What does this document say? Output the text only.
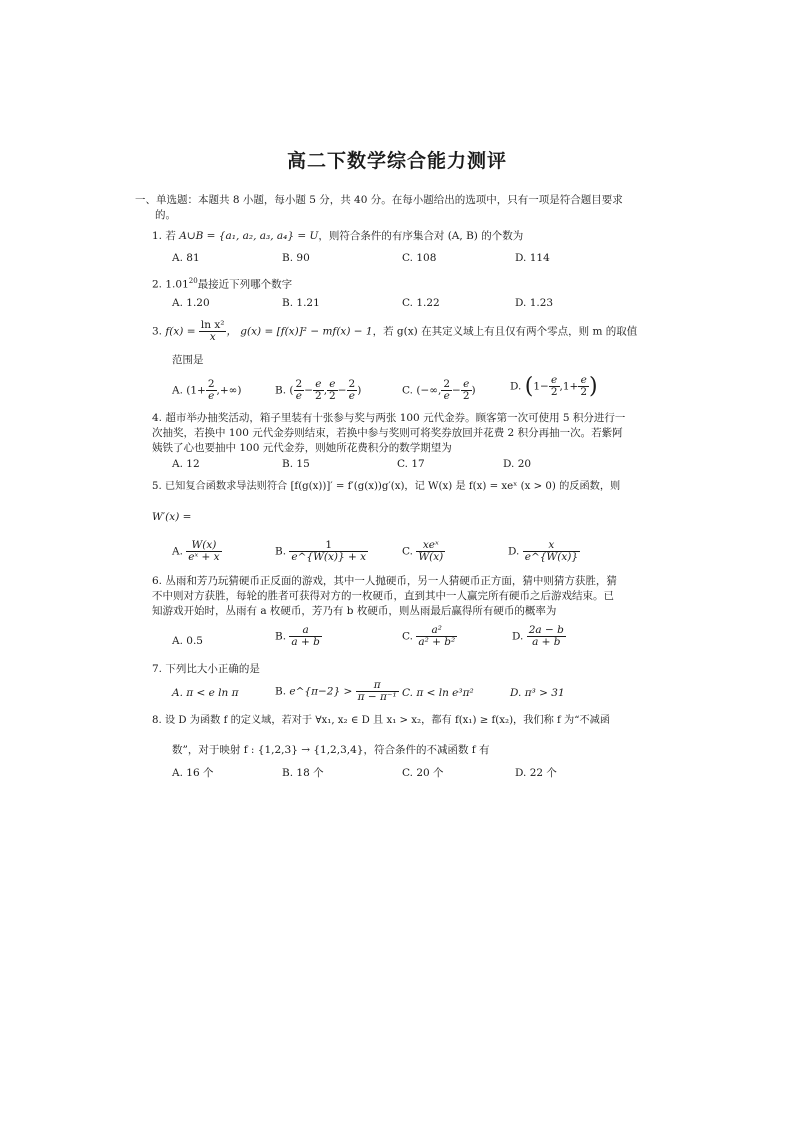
高二下数学综合能力测评
一、单选题：本题共 8 小题，每小题 5 分，共 40 分。在每小题给出的选项中，只有一项是符合题目要求
的。
1. 若 A∪B = {a₁, a₂, a₃, a₄} = U，则符合条件的有序集合对 (A, B) 的个数为
A. 81	B. 90	C. 108	D. 114
2. 1.01$^{20}$最接近下列哪个数字
A. 1.20	B. 1.21	C. 1.22	D. 1.23
3. $f(x) = \frac{\text{ln x²}}{x}$ ， g(x) = [f(x)]² − mf(x) − 1，若 g(x) 在其定义域上有且仅有两个零点，则 m 的取值
范围是
A. ($1+ \frac{2}{e}$ ,+∞)	B. ( $\frac{2}{e} - \frac{e}{2}$ , $\frac{e}{2} - \frac{2}{e}$ )	C. (−∞, $\frac{2}{e} - \frac{e}{2}$ )	D. ($1- \frac{e}{2} ,1+ \frac{e}{2}$ )
4. 超市举办抽奖活动，箱子里装有十张参与奖与两张 100 元代金券。顾客第一次可使用 5 积分进行一
次抽奖，若换中 100 元代金券则结束，若换中参与奖则可将奖券放回并花费 2 积分再抽一次。若紫阿
姨铁了心也要抽中 100 元代金券，则她所花费积分的数学期望为
A. 12	B. 15	C. 17	D. 20
5. 已知复合函数求导法则符合 [f(g(x))]′ = f′(g(x))g′(x)，记 W(x) 是 f(x) = xeˣ (x > 0) 的反函数，则
W′(x) =
A. $\frac{W(x)}{\text{eˣ + x}}$	B. $\frac{1}{e\^{}\{W(x)\} + x}$	C. $\frac{\text{xeˣ}}{W(x)}$	D. $\frac{x}{e\^{}\{W(x)\}}$
6. 丛雨和芳乃玩猜硬币正反面的游戏，其中一人抛硬币，另一人猜硬币正方面，猜中则猜方获胜，猜
不中则对方获胜，每轮的胜者可获得对方的一枚硬币，直到其中一人赢完所有硬币之后游戏结束。已
知游戏开始时，丛雨有 a 枚硬币，芳乃有 b 枚硬币，则丛雨最后赢得所有硬币的概率为
A. 0.5	B. $\frac{a}{a + b}$	C. $\frac{\text{a²}}{\text{a² + b²}}$	D. $\frac{2a - b}{a + b}$
7. 下列比大小正确的是
A. π < e ln π	B. e^{π−2} > $\frac{\pi}{\text{π − π⁻¹}} C$. π < ln e³π²	D. π³ > 31
8. 设 D 为函数 f 的定义域，若对于 ∀x₁, x₂ ∈ D 且 x₁ > x₂，都有 f(x₁) ≥ f(x₂)，我们称 f 为“不减函
数”，对于映射 f : {1,2,3} → {1,2,3,4}，符合条件的不减函数 f 有
A. 16 个	B. 18 个	C. 20 个	D. 22 个
